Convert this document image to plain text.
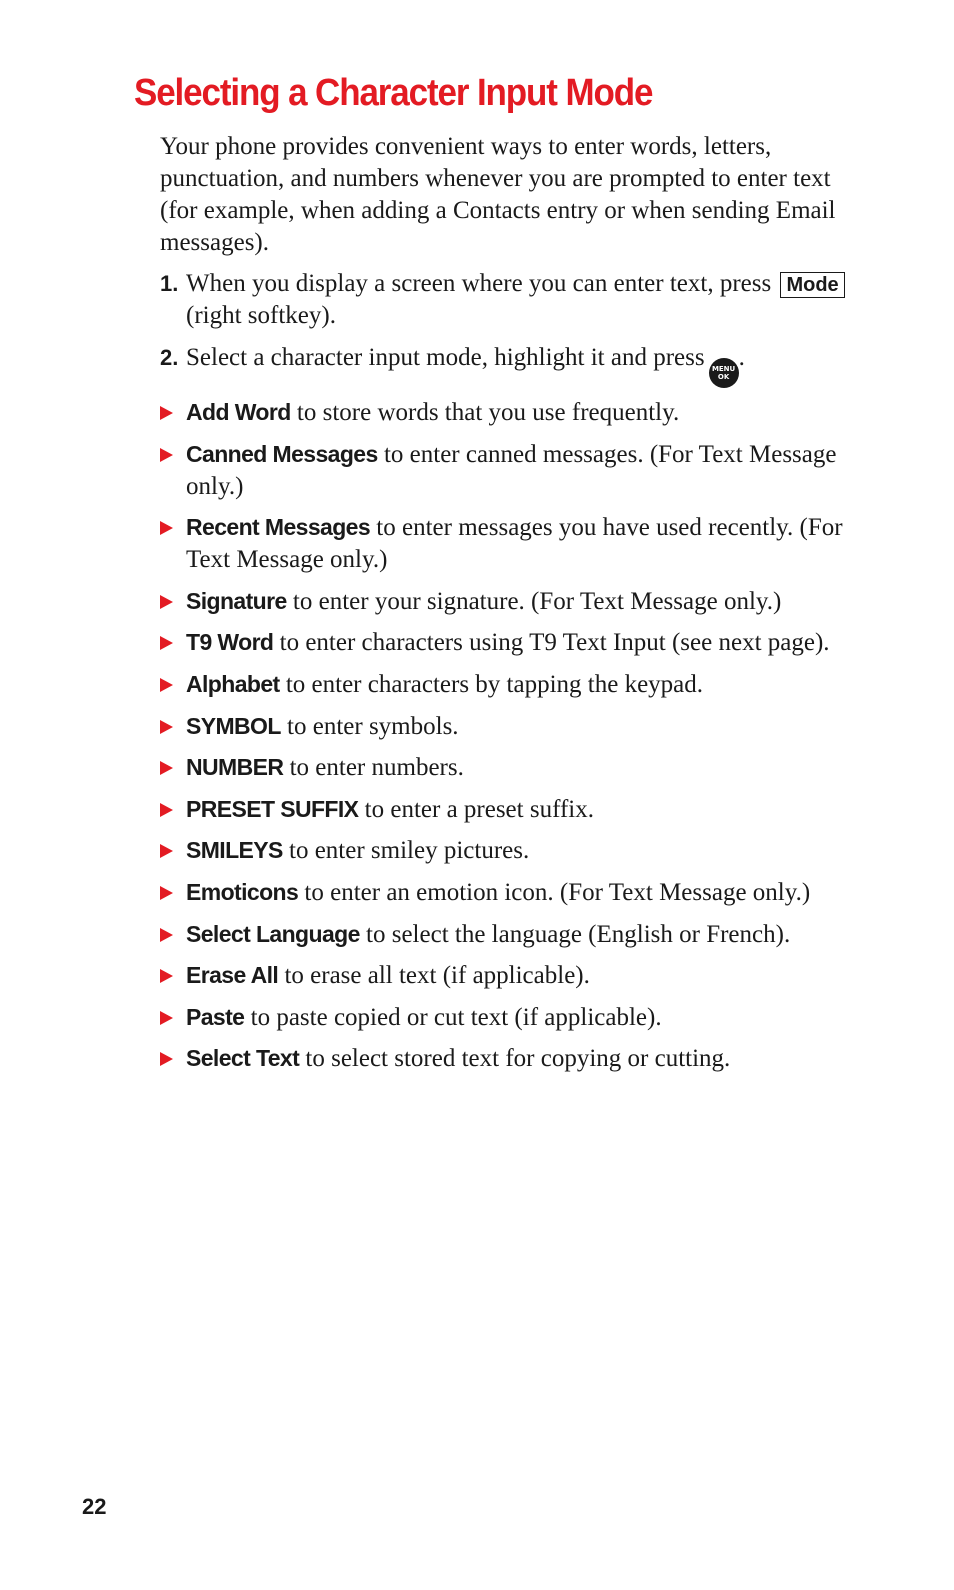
Selecting a Character Input Mode

Your phone provides convenient ways to enter words, letters, punctuation, and numbers whenever you are prompted to enter text (for example, when adding a Contacts entry or when sending Email messages).

1. When you display a screen where you can enter text, press Mode (right softkey).
2. Select a character input mode, highlight it and press MENU
OK
.
Add Word to store words that you use frequently.
Canned Messages to enter canned messages. (For Text Message only.)
Recent Messages to enter messages you have used recently. (For Text Message only.)
Signature to enter your signature. (For Text Message only.)
T9 Word to enter characters using T9 Text Input (see next page).
Alphabet to enter characters by tapping the keypad.
SYMBOL to enter symbols.
NUMBER to enter numbers.
PRESET SUFFIX to enter a preset suffix.
SMILEYS to enter smiley pictures.
Emoticons to enter an emotion icon. (For Text Message only.)
Select Language to select the language (English or French).
Erase All to erase all text (if applicable).
Paste to paste copied or cut text (if applicable).
Select Text to select stored text for copying or cutting.
22
